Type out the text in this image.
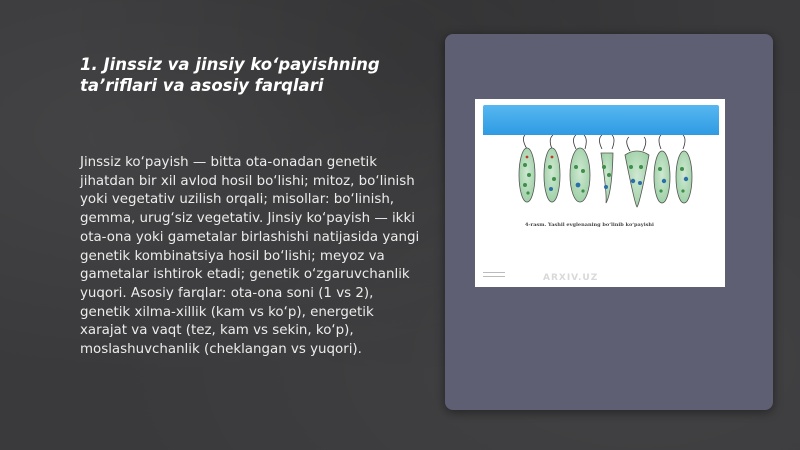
1. Jinssiz va jinsiy ko‘payishning ta’riflari va asosiy farqlari

Jinssiz ko‘payish — bitta ota-onadan genetik jihatdan bir xil avlod hosil bo‘lishi; mitoz, bo‘linish yoki vegetativ uzilish orqali; misollar: bo‘linish, gemma, urug‘siz vegetativ. Jinsiy ko‘payish — ikki ota-ona yoki gametalar birlashishi natijasida yangi genetik kombinatsiya hosil bo‘lishi; meyoz va gametalar ishtirok etadi; genetik o‘zgaruvchanlik yuqori. Asosiy farqlar: ota-ona soni (1 vs 2), genetik xilma-xillik (kam vs ko‘p), energetik xarajat va vaqt (tez, kam vs sekin, ko‘p), moslashuvchanlik (cheklangan vs yuqori).

4-rasm. Yashil evglenaning bo‘linib ko‘payishi
ARXIV.UZ
